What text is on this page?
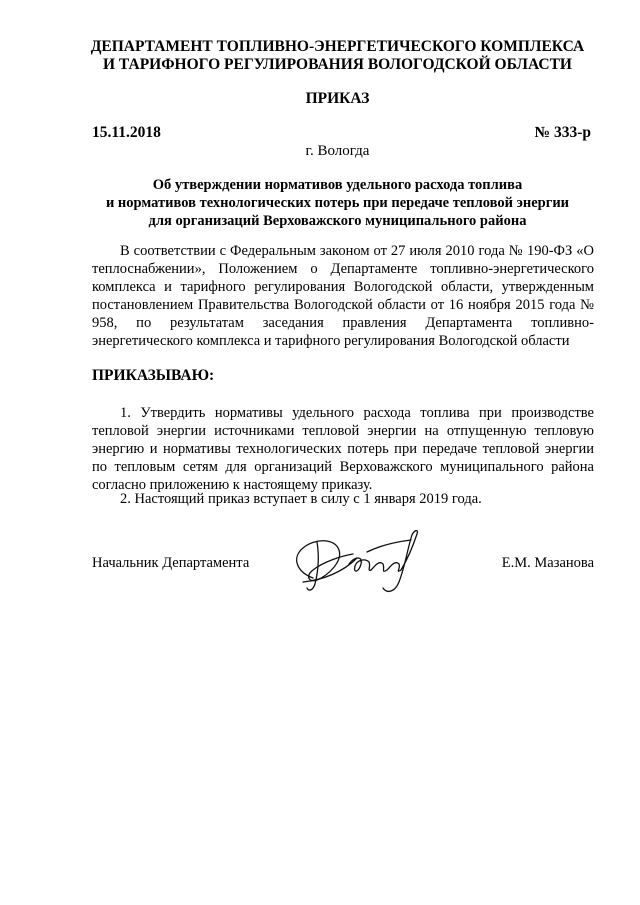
ДЕПАРТАМЕНТ ТОПЛИВНО-ЭНЕРГЕТИЧЕСКОГО КОМПЛЕКСА
И ТАРИФНОГО РЕГУЛИРОВАНИЯ ВОЛОГОДСКОЙ ОБЛАСТИ
ПРИКАЗ
15.11.2018	№ 333-р
г. Вологда
Об утверждении нормативов удельного расхода топлива
и нормативов технологических потерь при передаче тепловой энергии
для организаций Верховажского муниципального района
В соответствии с Федеральным законом от 27 июля 2010 года № 190-ФЗ «О теплоснабжении», Положением о Департаменте топливно-энергетического комплекса и тарифного регулирования Вологодской области, утвержденным постановлением Правительства Вологодской области от 16 ноября 2015 года № 958, по результатам заседания правления Департамента топливно-энергетического комплекса и тарифного регулирования Вологодской области
ПРИКАЗЫВАЮ:
1. Утвердить нормативы удельного расхода топлива при производстве тепловой энергии источниками тепловой энергии на отпущенную тепловую энергию и нормативы технологических потерь при передаче тепловой энергии по тепловым сетям для организаций Верховажского муниципального района согласно приложению к настоящему приказу.
2. Настоящий приказ вступает в силу с 1 января 2019 года.
Начальник Департамента	Е.М. Мазанова
